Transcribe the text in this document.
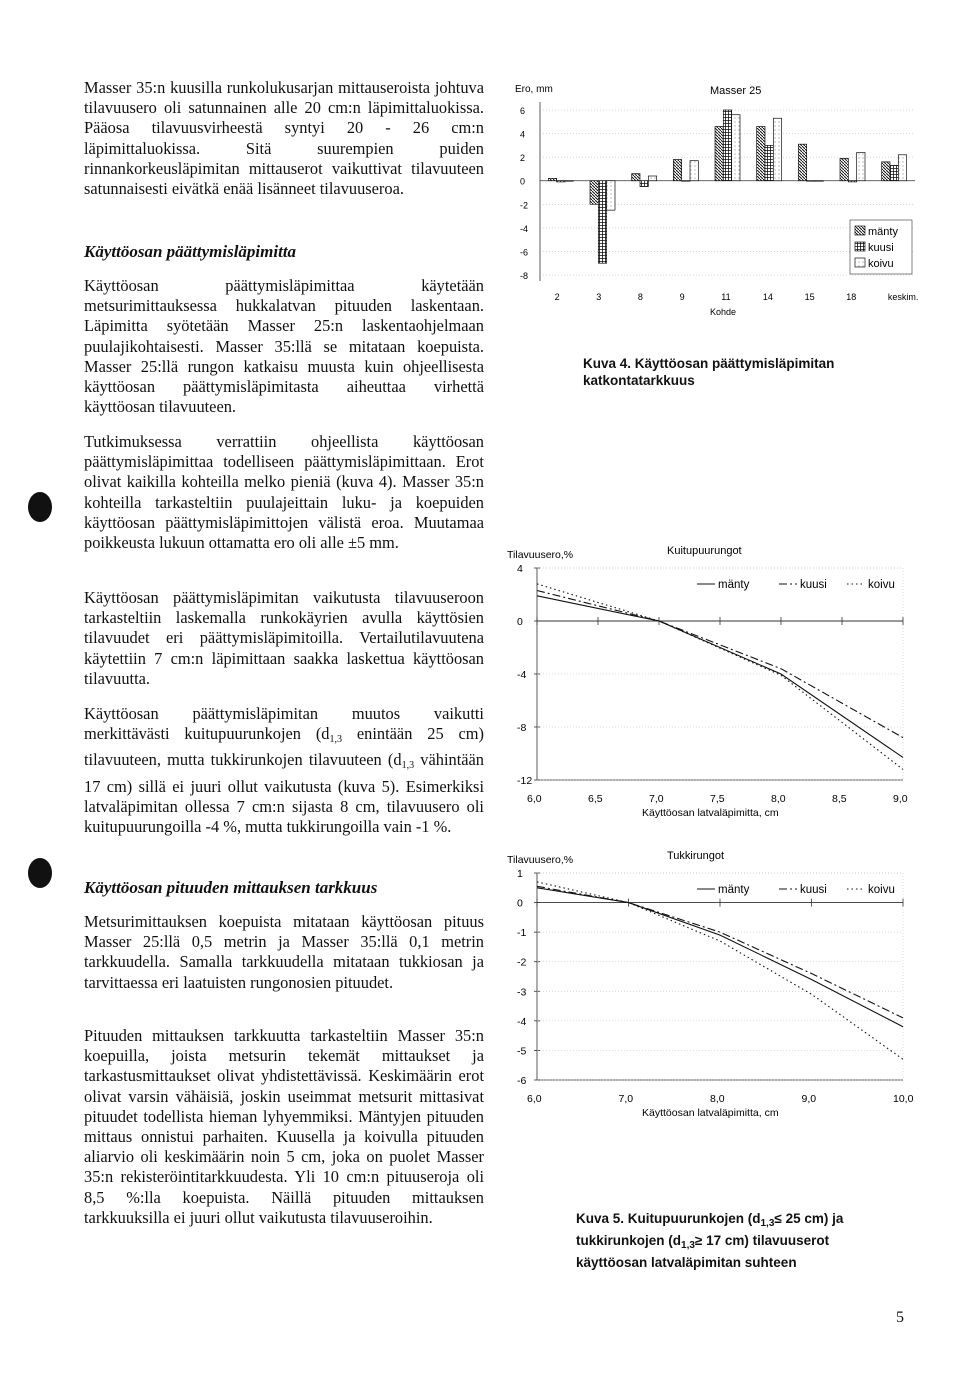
Masser 35:n kuusilla runkolukusarjan mittauseroista johtuva tilavuusero oli satunnainen alle 20 cm:n läpimittaluokissa. Pääosa tilavuusvirheestä syntyi 20 - 26 cm:n läpimittaluokissa. Sitä suurempien puiden rinnankorkeusläpimitan mittauserot vaikuttivat tilavuuteen satunnaisesti eivätkä enää lisänneet tilavuuseroa.

Käyttöosan päättymisläpimitta

Käyttöosan päättymisläpimittaa käytetään metsurimittauksessa hukkalatvan pituuden laskentaan. Läpimitta syötetään Masser 25:n laskentaohjelmaan puulajikohtaisesti. Masser 35:llä se mitataan koepuista. Masser 25:llä rungon katkaisu muusta kuin ohjeellisesta käyttöosan päättymisläpimitasta aiheuttaa virhettä käyttöosan tilavuuteen.

Tutkimuksessa verrattiin ohjeellista käyttöosan päättymisläpimittaa todelliseen päättymisläpimittaan. Erot olivat kaikilla kohteilla melko pieniä (kuva 4). Masser 35:n kohteilla tarkasteltiin puulajeittain luku- ja koepuiden käyttöosan päättymisläpimittojen välistä eroa. Muutamaa poikkeusta lukuun ottamatta ero oli alle ±5 mm.

Käyttöosan päättymisläpimitan vaikutusta tilavuuseroon tarkasteltiin laskemalla runkokäyrien avulla käyttösien tilavuudet eri päättymisläpimitoilla. Vertailutilavuutena käytettiin 7 cm:n läpimittaan saakka laskettua käyttöosan tilavuutta.

Käyttöosan päättymisläpimitan muutos vaikutti merkittävästi kuitupuurunkojen ($d_{1,3}$ enintään 25 cm) tilavuuteen, mutta tukkirunkojen tilavuuteen ($d_{1,3}$ vähintään 17 cm) sillä ei juuri ollut vaikutusta (kuva 5). Esimerkiksi latvaläpimitan ollessa 7 cm:n sijasta 8 cm, tilavuusero oli kuitupuurungoilla -4 %, mutta tukkirungoilla vain -1 %.

Käyttöosan pituuden mittauksen tarkkuus

Metsurimittauksen koepuista mitataan käyttöosan pituus Masser 25:llä 0,5 metrin ja Masser 35:llä 0,1 metrin tarkkuudella. Samalla tarkkuudella mitataan tukkiosan ja tarvittaessa eri laatuisten rungonosien pituudet.

Pituuden mittauksen tarkkuutta tarkasteltiin Masser 35:n koepuilla, joista metsurin tekemät mittaukset ja tarkastusmittaukset olivat yhdistettävissä. Keskimäärin erot olivat varsin vähäisiä, joskin useimmat metsurit mittasivat pituudet todellista hieman lyhyemmiksi. Mäntyjen pituuden mittaus onnistui parhaiten. Kuusella ja koivulla pituuden aliarvio oli keskimäärin noin 5 cm, joka on puolet Masser 35:n rekisteröintitarkkuudesta. Yli 10 cm:n pituuseroja oli 8,5 %:lla koepuista. Näillä pituuden mittauksen tarkkuuksilla ei juuri ollut vaikutusta tilavuuseroihin.

Ero, mm	Masser 25
6
4
2
0
-2
-4
-6
-8
2	3	8	9	11	14	15	18	keskim.
Kohde
mänty
kuusi
koivu
Kuva 4. Käyttöosan päättymisläpimitan
katkontatarkkuus
Tilavuusero,%	Kuitupuurungot
4
0
-4
-8
-12
6,0	6,5	7,0	7,5	8,0	8,5	9,0
Käyttöosan latvaläpimitta, cm
mänty	kuusi	koivu
Tilavuusero,%	Tukkirungot
1
0
-1
-2
-3
-4
-5
-6
6,0	7,0	8,0	9,0	10,0
Käyttöosan latvaläpimitta, cm
mänty	kuusi	koivu
Kuva 5. Kuitupuurunkojen ($d_{1,3}\le 25$ cm) ja
tukkirunkojen ($d_{1,3}\ge 17$ cm) tilavuuserot
käyttöosan latvaläpimitan suhteen
5
